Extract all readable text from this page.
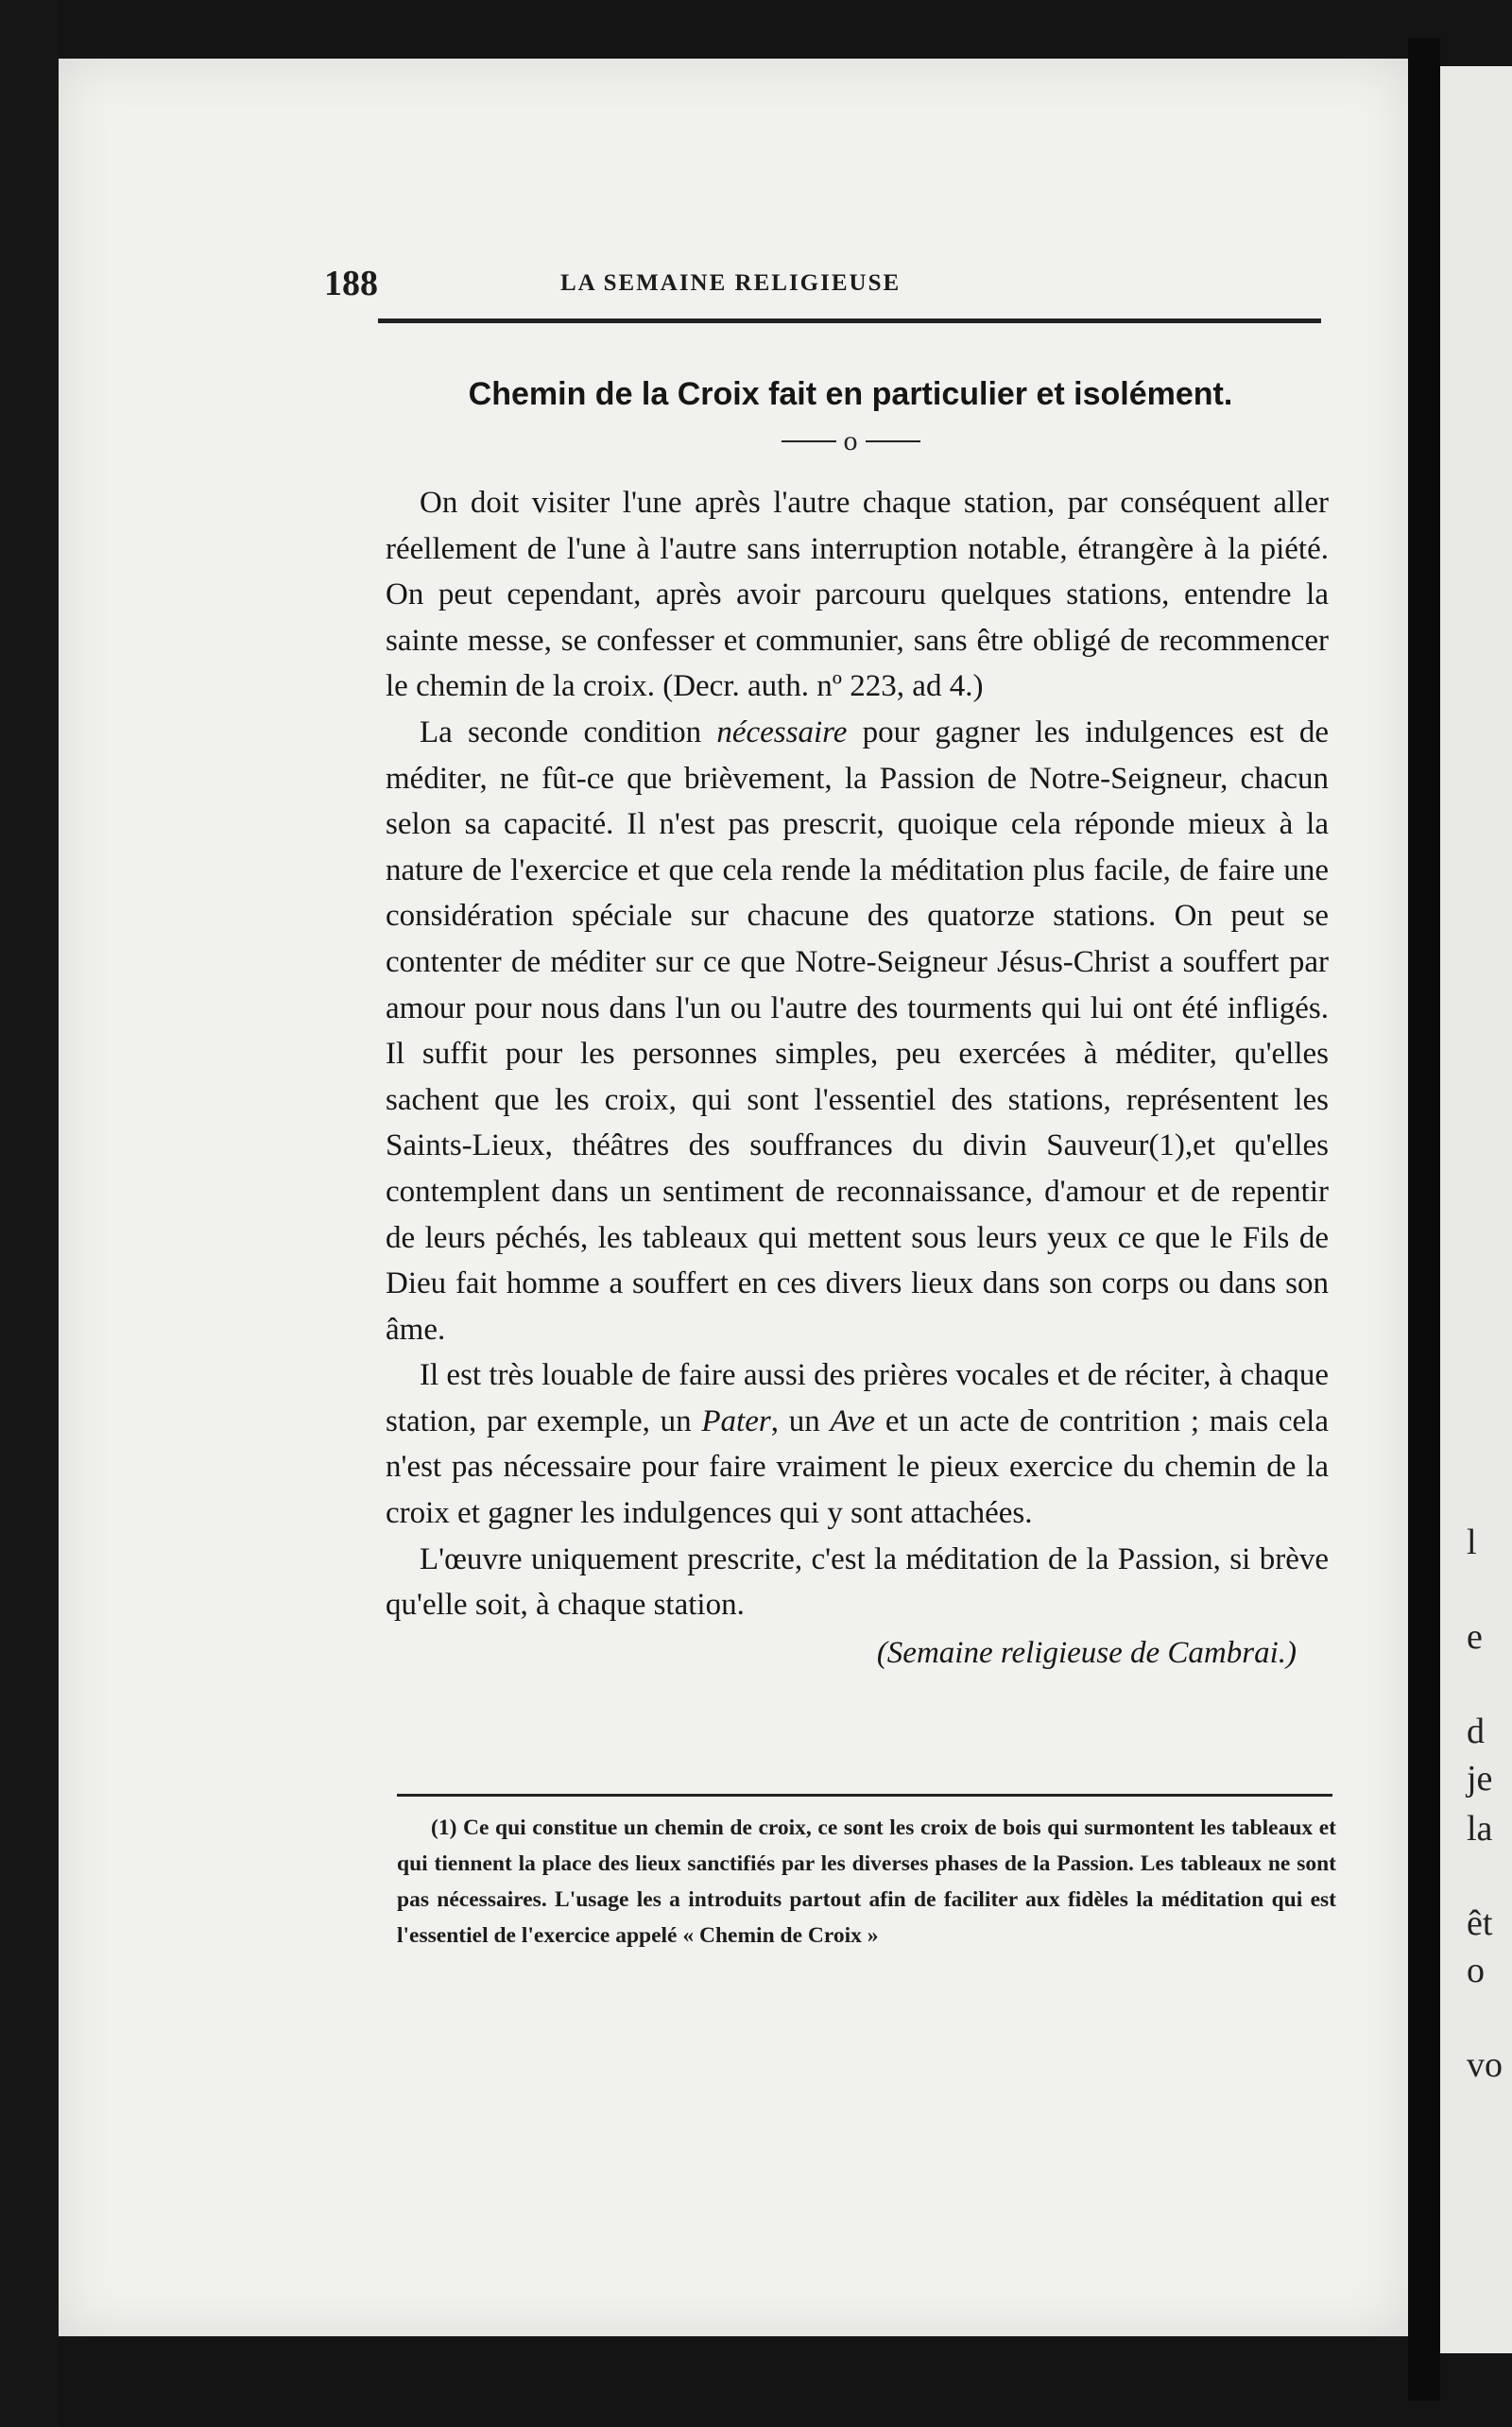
l
e
d
je
la
êt
o
vo
188	LA SEMAINE RELIGIEUSE
Chemin de la Croix fait en particulier et isolément.
o

On doit visiter l'une après l'autre chaque station, par conséquent aller réellement de l'une à l'autre sans interruption notable, étrangère à la piété. On peut cependant, après avoir parcouru quelques stations, entendre la sainte messe, se confesser et communier, sans être obligé de recommencer le chemin de la croix. (Decr. auth. nº 223, ad 4.)

La seconde condition nécessaire pour gagner les indulgences est de méditer, ne fût-ce que brièvement, la Passion de Notre-Seigneur, chacun selon sa capacité. Il n'est pas prescrit, quoique cela réponde mieux à la nature de l'exercice et que cela rende la méditation plus facile, de faire une considération spéciale sur chacune des quatorze stations. On peut se contenter de méditer sur ce que Notre-Seigneur Jésus-Christ a souffert par amour pour nous dans l'un ou l'autre des tourments qui lui ont été infligés. Il suffit pour les personnes simples, peu exercées à méditer, qu'elles sachent que les croix, qui sont l'essentiel des stations, représentent les Saints-Lieux, théâtres des souffrances du divin Sauveur(1),et qu'elles contemplent dans un sentiment de reconnaissance, d'amour et de repentir de leurs péchés, les tableaux qui mettent sous leurs yeux ce que le Fils de Dieu fait homme a souffert en ces divers lieux dans son corps ou dans son âme.

Il est très louable de faire aussi des prières vocales et de réciter, à chaque station, par exemple, un Pater, un Ave et un acte de contrition ; mais cela n'est pas nécessaire pour faire vraiment le pieux exercice du chemin de la croix et gagner les indulgences qui y sont attachées.

L'œuvre uniquement prescrite, c'est la méditation de la Passion, si brève qu'elle soit, à chaque station.

(Semaine religieuse de Cambrai.)

(1) Ce qui constitue un chemin de croix, ce sont les croix de bois qui surmontent les tableaux et qui tiennent la place des lieux sanctifiés par les diverses phases de la Passion. Les tableaux ne sont pas nécessaires. L'usage les a introduits partout afin de faciliter aux fidèles la méditation qui est l'essentiel de l'exercice appelé « Chemin de Croix »
